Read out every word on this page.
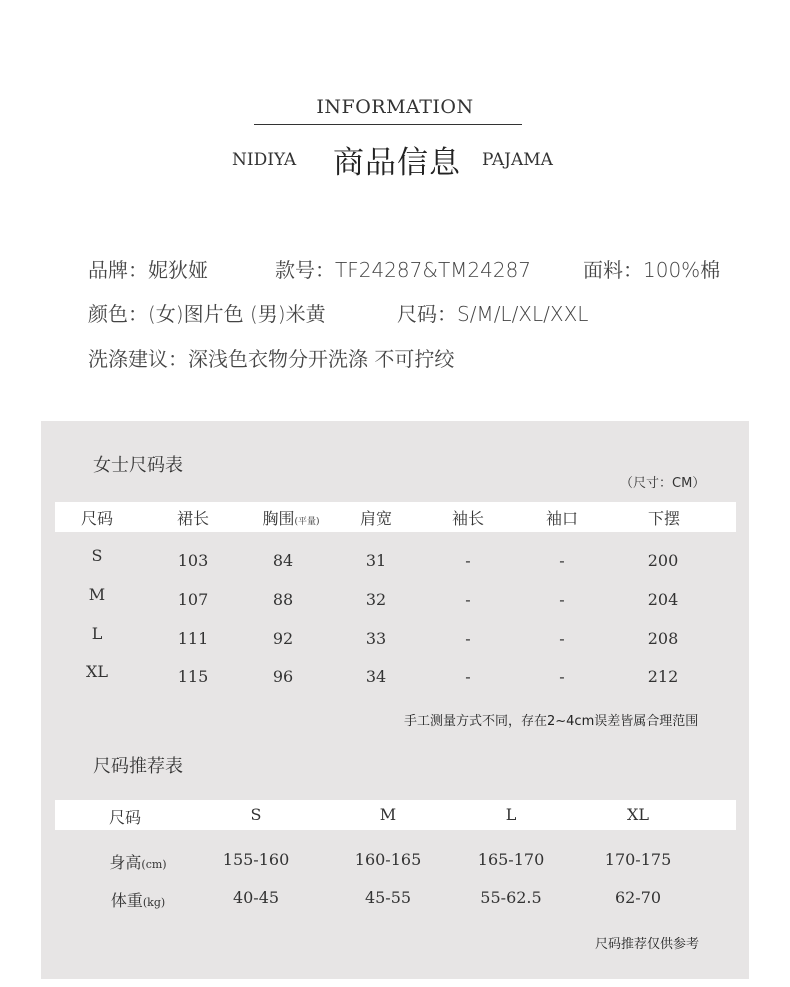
INFORMATION
NIDIYA 商品信息 PAJAMA
品牌：妮狄娅	款号：TF24287&TM24287	面料：100%棉
颜色：(女)图片色 (男)米黄	尺码：S/M/L/XL/XXL
洗涤建议：深浅色衣物分开洗涤 不可拧绞
女士尺码表
（尺寸：CM）
尺码	裙长	胸围(平量)	肩宽	袖长	袖口	下摆
S	103	84	31	-	-	200
M	107	88	32	-	-	204
L	111	92	33	-	-	208
XL	115	96	34	-	-	212
手工测量方式不同，存在2~4cm误差皆属合理范围
尺码推荐表
尺码	S	M	L	XL
身高(cm)	155-160	160-165	165-170	170-175
体重(kg)	40-45	45-55	55-62.5	62-70
尺码推荐仅供参考
